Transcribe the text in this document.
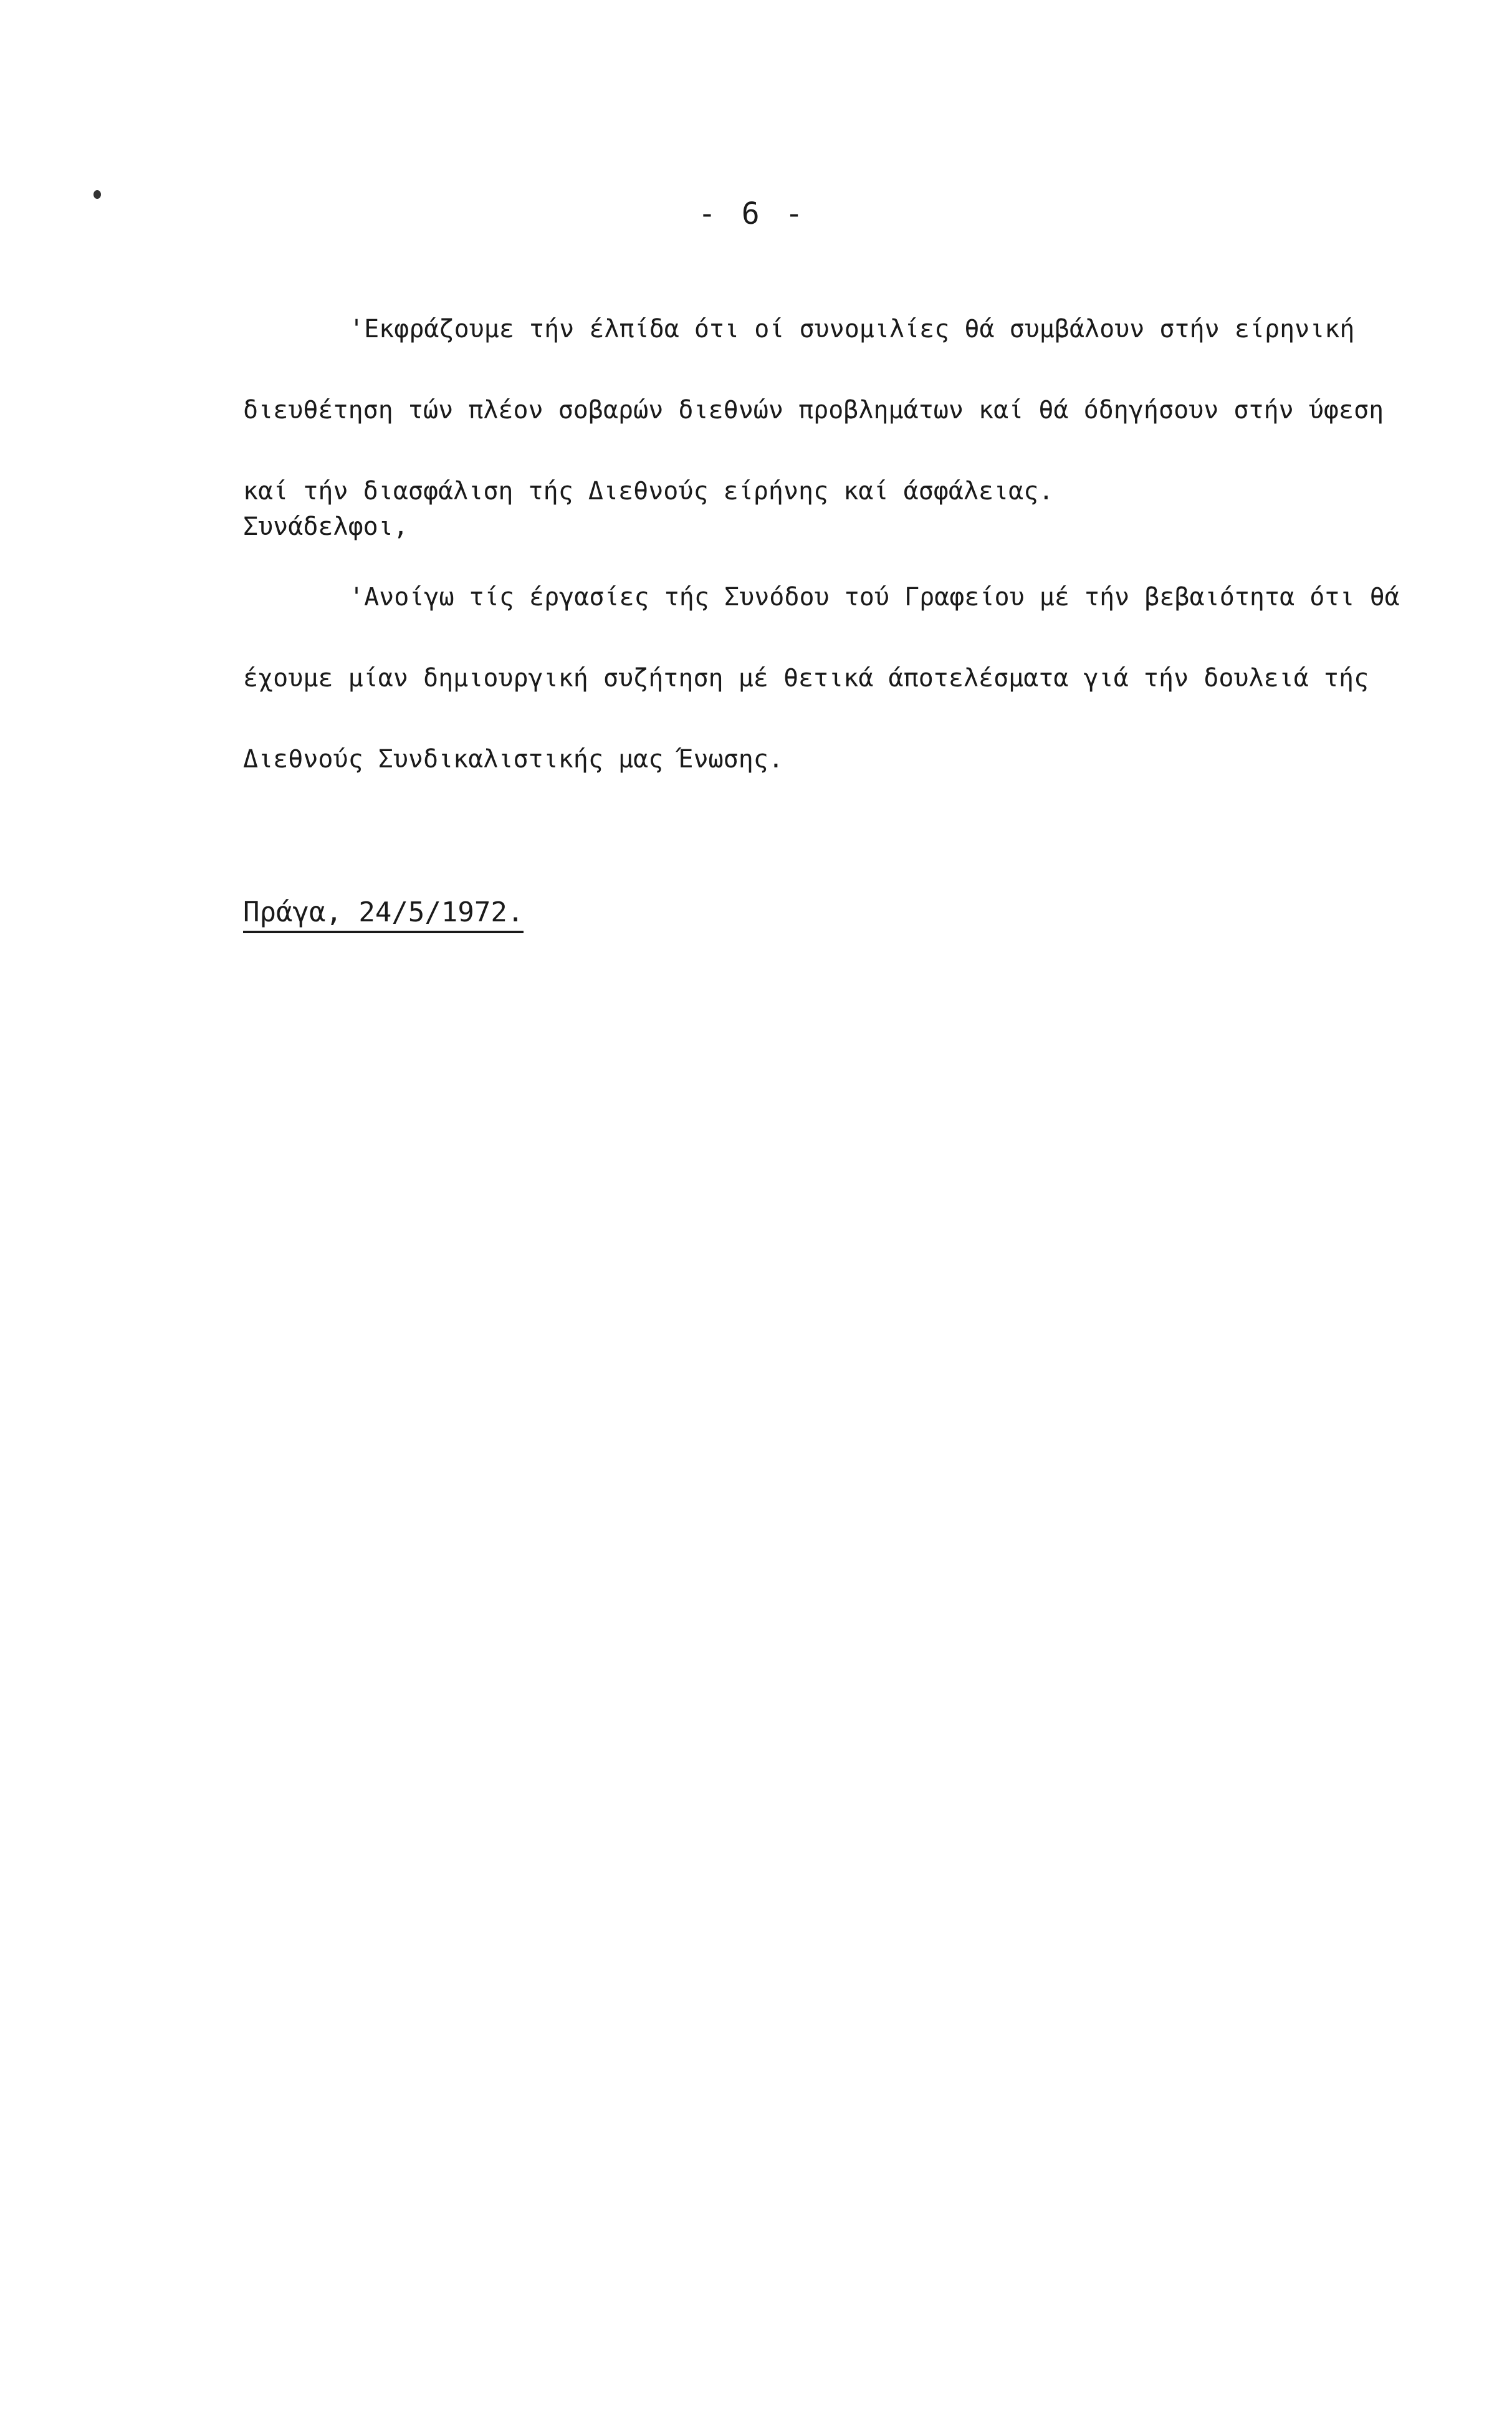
- 6 -
'Εκφράζουμε τήν έλπίδα ότι οί συνομιλίες θά συμβάλουν στήν είρηνική
διευθέτηση τών πλέον σοβαρών διεθνών προβλημάτων καί θά όδηγήσουν στήν ύφεση
καί τήν διασφάλιση τής Διεθνούς είρήνης καί άσφάλειας.
Συνάδελφοι,
'Ανοίγω τίς έργασίες τής Συνόδου τού Γραφείου μέ τήν βεβαιότητα ότι θά
έχουμε μίαν δημιουργική συζήτηση μέ θετικά άποτελέσματα γιά τήν δουλειά τής
Διεθνούς Συνδικαλιστικής μας Ένωσης.
Πράγα, 24/5/1972.
